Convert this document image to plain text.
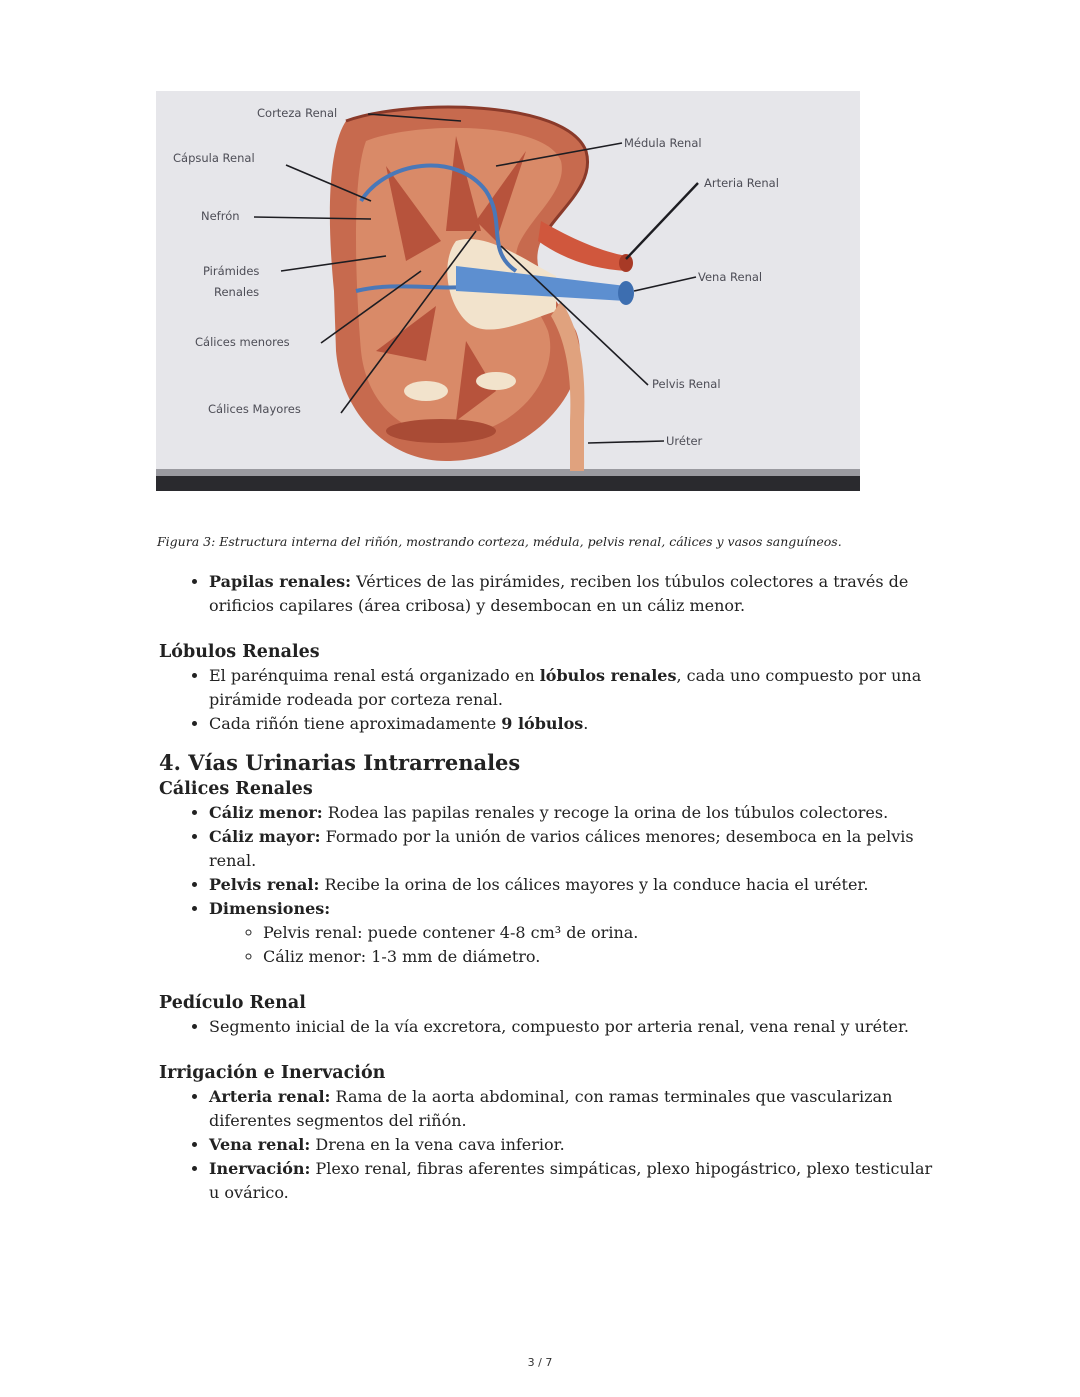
Corteza Renal
Cápsula Renal
Nefrón
Pirámides
Renales
Cálices menores
Cálices Mayores
Médula Renal
Arteria Renal
Vena Renal
Pelvis Renal
Uréter
Figura 3: Estructura interna del riñón, mostrando corteza, médula, pelvis renal, cálices y vasos sanguíneos.
• Papilas renales: Vértices de las pirámides, reciben los túbulos colectores a través de orificios capilares (área cribosa) y desembocan en un cáliz menor.
Lóbulos Renales
• El parénquima renal está organizado en lóbulos renales, cada uno compuesto por una pirámide rodeada por corteza renal.
• Cada riñón tiene aproximadamente 9 lóbulos.
4. Vías Urinarias Intrarrenales
Cálices Renales
• Cáliz menor: Rodea las papilas renales y recoge la orina de los túbulos colectores.
• Cáliz mayor: Formado por la unión de varios cálices menores; desemboca en la pelvis renal.
• Pelvis renal: Recibe la orina de los cálices mayores y la conduce hacia el uréter.
• Dimensiones:
◦ Pelvis renal: puede contener 4-8 cm³ de orina.
◦ Cáliz menor: 1-3 mm de diámetro.
Pedículo Renal
• Segmento inicial de la vía excretora, compuesto por arteria renal, vena renal y uréter.
Irrigación e Inervación
• Arteria renal: Rama de la aorta abdominal, con ramas terminales que vascularizan diferentes segmentos del riñón.
• Vena renal: Drena en la vena cava inferior.
• Inervación: Plexo renal, fibras aferentes simpáticas, plexo hipogástrico, plexo testicular u ovárico.
3 / 7
